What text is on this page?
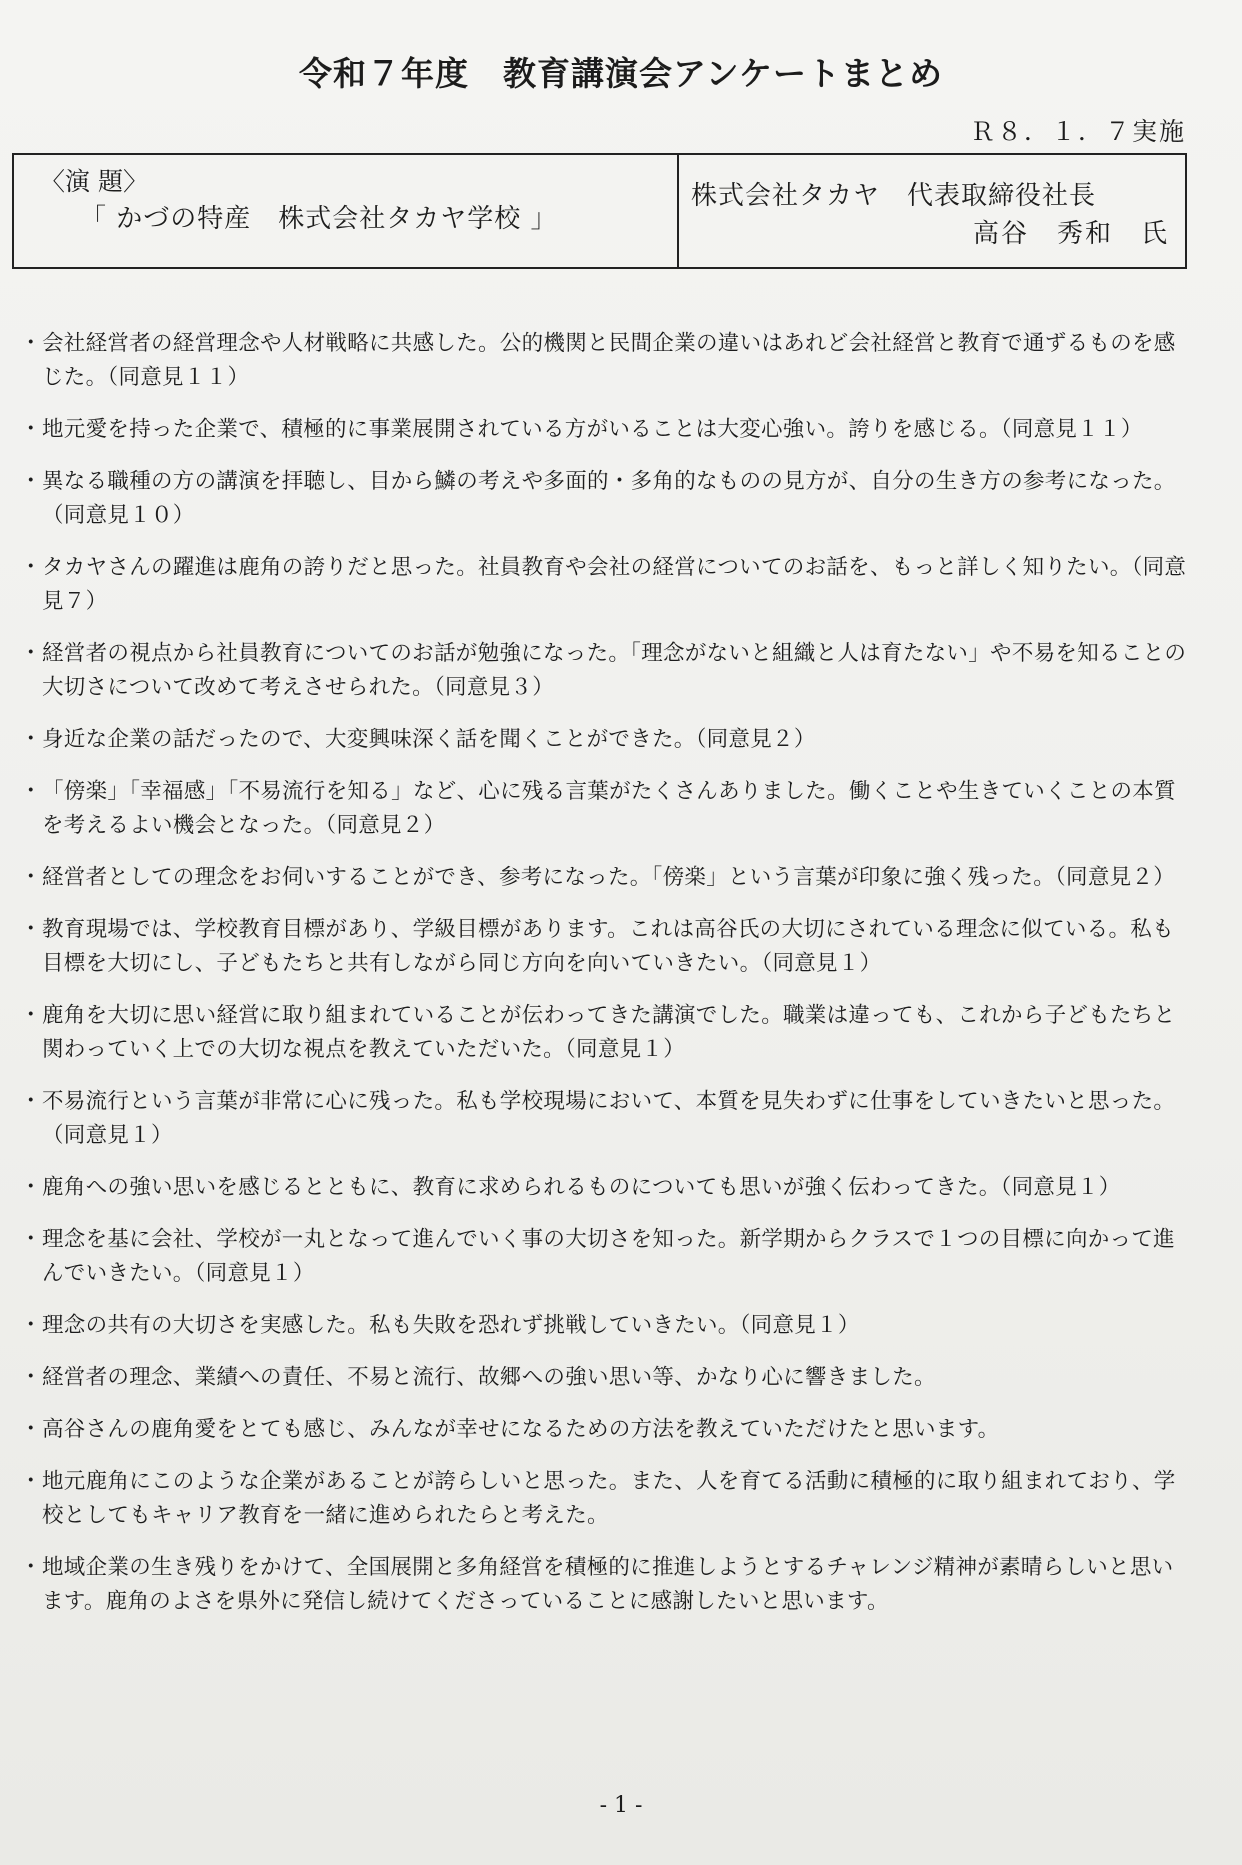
令和７年度　教育講演会アンケートまとめ
Ｒ８．１．７実施
〈演 題〉
「 かづの特産　株式会社タカヤ学校 」
株式会社タカヤ　代表取締役社長
高谷　秀和　氏
・ 会社経営者の経営理念や人材戦略に共感した。公的機関と民間企業の違いはあれど会社経営と教育で通ずるものを感じた。（同意見１１）
・ 地元愛を持った企業で、積極的に事業展開されている方がいることは大変心強い。誇りを感じる。（同意見１１）
・ 異なる職種の方の講演を拝聴し、目から鱗の考えや多面的・多角的なものの見方が、自分の生き方の参考になった。（同意見１０）
・ タカヤさんの躍進は鹿角の誇りだと思った。社員教育や会社の経営についてのお話を、もっと詳しく知りたい。（同意見７）
・ 経営者の視点から社員教育についてのお話が勉強になった。「理念がないと組織と人は育たない」や不易を知ることの大切さについて改めて考えさせられた。（同意見３）
・ 身近な企業の話だったので、大変興味深く話を聞くことができた。（同意見２）
・ 「傍楽」「幸福感」「不易流行を知る」など、心に残る言葉がたくさんありました。働くことや生きていくことの本質を考えるよい機会となった。（同意見２）
・ 経営者としての理念をお伺いすることができ、参考になった。「傍楽」という言葉が印象に強く残った。（同意見２）
・ 教育現場では、学校教育目標があり、学級目標があります。これは高谷氏の大切にされている理念に似ている。私も目標を大切にし、子どもたちと共有しながら同じ方向を向いていきたい。（同意見１）
・ 鹿角を大切に思い経営に取り組まれていることが伝わってきた講演でした。職業は違っても、これから子どもたちと関わっていく上での大切な視点を教えていただいた。（同意見１）
・ 不易流行という言葉が非常に心に残った。私も学校現場において、本質を見失わずに仕事をしていきたいと思った。（同意見１）
・ 鹿角への強い思いを感じるとともに、教育に求められるものについても思いが強く伝わってきた。（同意見１）
・ 理念を基に会社、学校が一丸となって進んでいく事の大切さを知った。新学期からクラスで１つの目標に向かって進んでいきたい。（同意見１）
・ 理念の共有の大切さを実感した。私も失敗を恐れず挑戦していきたい。（同意見１）
・ 経営者の理念、業績への責任、不易と流行、故郷への強い思い等、かなり心に響きました。
・ 高谷さんの鹿角愛をとても感じ、みんなが幸せになるための方法を教えていただけたと思います。
・ 地元鹿角にこのような企業があることが誇らしいと思った。また、人を育てる活動に積極的に取り組まれており、学校としてもキャリア教育を一緒に進められたらと考えた。
・ 地域企業の生き残りをかけて、全国展開と多角経営を積極的に推進しようとするチャレンジ精神が素晴らしいと思います。鹿角のよさを県外に発信し続けてくださっていることに感謝したいと思います。
- 1 -
